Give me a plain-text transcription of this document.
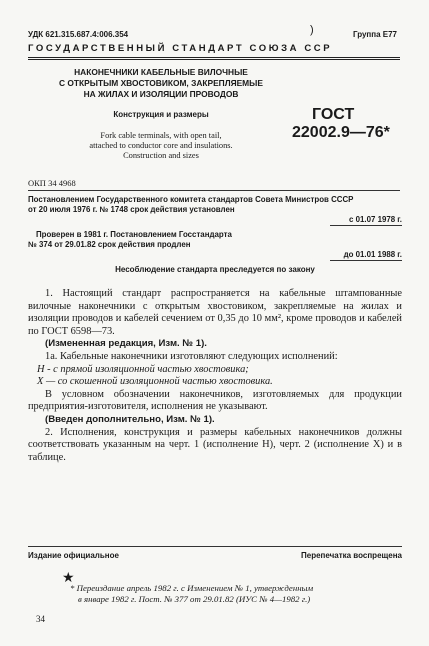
УДК 621.315.687.4:006.354	)	Группа Е77
ГОСУДАРСТВЕННЫЙ СТАНДАРТ СОЮЗА ССР
НАКОНЕЧНИКИ КАБЕЛЬНЫЕ ВИЛОЧНЫЕ
С ОТКРЫТЫМ ХВОСТОВИКОМ, ЗАКРЕПЛЯЕМЫЕ
НА ЖИЛАХ И ИЗОЛЯЦИИ ПРОВОДОВ
Конструкция и размеры
Fork cable terminals, with open tail,
attached to conductor core and insulations.
Construction and sizes
ГОСТ
22002.9—76*
ОКП 34 4968
Постановлением Государственного комитета стандартов Совета Министров СССР
от 20 июля 1976 г. № 1748 срок действия установлен
с 01.07 1978 г.
Проверен в 1981 г. Постановлением Госстандарта
№ 374 от 29.01.82 срок действия продлен
до 01.01 1988 г.
Несоблюдение стандарта преследуется по закону

1. Настоящий стандарт распространяется на кабельные штампованные вилочные наконечники с открытым хвостовиком, закрепляемые на жилах и изоляции проводов и кабелей сечением от 0,35 до 10 мм², кроме проводов и кабелей по ГОСТ 6598—73.

(Измененная редакция, Изм. № 1).

1а. Кабельные наконечники изготовляют следующих исполнений:

Н - с прямой изоляционной частью хвостовика;

Х — со скошенной изоляционной частью хвостовика.

В условном обозначении наконечников, изготовляемых для продукции предприятия-изготовителя, исполнения не указывают.

(Введен дополнительно, Изм. № 1).

2. Исполнения, конструкция и размеры кабельных наконечников должны соответствовать указанным на черт. 1 (исполнение Н), черт. 2 (исполнение Х) и в таблице.

Издание официальное	Перепечатка воспрещена
★
* Переиздание апрель 1982 г. с Изменением № 1, утвержденным
в январе 1982 г. Пост. № 377 от 29.01.82 (ИУС № 4—1982 г.)
34
